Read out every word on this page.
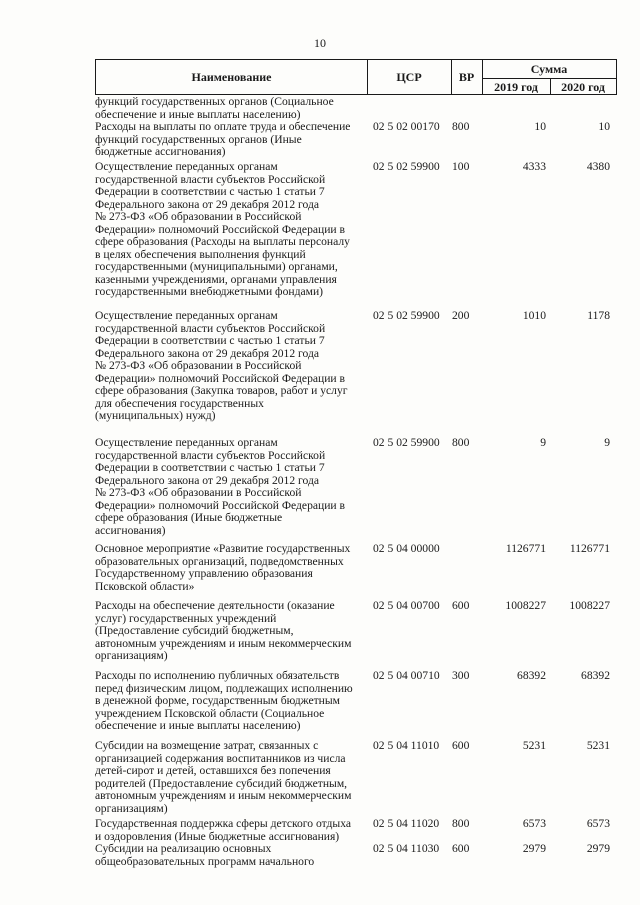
10
Наименование	ЦСР	ВР
Сумма
2019 год	2020 год
функций государственных органов (Социальное
обеспечение и иные выплаты населению)
Расходы на выплаты по оплате труда и обеспечение
функций государственных органов (Иные
бюджетные ассигнования)
02 5 02 00170 800	10	10
Осуществление переданных органам
государственной власти субъектов Российской
Федерации в соответствии с частью 1 статьи 7
Федерального закона от 29 декабря 2012 года
№ 273-ФЗ «Об образовании в Российской
Федерации» полномочий Российской Федерации в
сфере образования (Расходы на выплаты персоналу
в целях обеспечения выполнения функций
государственными (муниципальными) органами,
казенными учреждениями, органами управления
государственными внебюджетными фондами)
02 5 02 59900 100	4333	4380
Осуществление переданных органам
государственной власти субъектов Российской
Федерации в соответствии с частью 1 статьи 7
Федерального закона от 29 декабря 2012 года
№ 273-ФЗ «Об образовании в Российской
Федерации» полномочий Российской Федерации в
сфере образования (Закупка товаров, работ и услуг
для обеспечения государственных
(муниципальных) нужд)
02 5 02 59900 200	1010	1178
Осуществление переданных органам
государственной власти субъектов Российской
Федерации в соответствии с частью 1 статьи 7
Федерального закона от 29 декабря 2012 года
№ 273-ФЗ «Об образовании в Российской
Федерации» полномочий Российской Федерации в
сфере образования (Иные бюджетные
ассигнования)
02 5 02 59900 800	9	9
Основное мероприятие «Развитие государственных
образовательных организаций, подведомственных
Государственному управлению образования
Псковской области»
02 5 04 00000	1126771	1126771
Расходы на обеспечение деятельности (оказание
услуг) государственных учреждений
(Предоставление субсидий бюджетным,
автономным учреждениям и иным некоммерческим
организациям)
02 5 04 00700 600	1008227	1008227
Расходы по исполнению публичных обязательств
перед физическим лицом, подлежащих исполнению
в денежной форме, государственным бюджетным
учреждением Псковской области (Социальное
обеспечение и иные выплаты населению)
02 5 04 00710 300	68392	68392
Субсидии на возмещение затрат, связанных с
организацией содержания воспитанников из числа
детей-сирот и детей, оставшихся без попечения
родителей (Предоставление субсидий бюджетным,
автономным учреждениям и иным некоммерческим
организациям)
02 5 04 11010 600	5231	5231
Государственная поддержка сферы детского отдыха
и оздоровления (Иные бюджетные ассигнования)
02 5 04 11020 800	6573	6573
Субсидии на реализацию основных
общеобразовательных программ начального
02 5 04 11030 600	2979	2979
